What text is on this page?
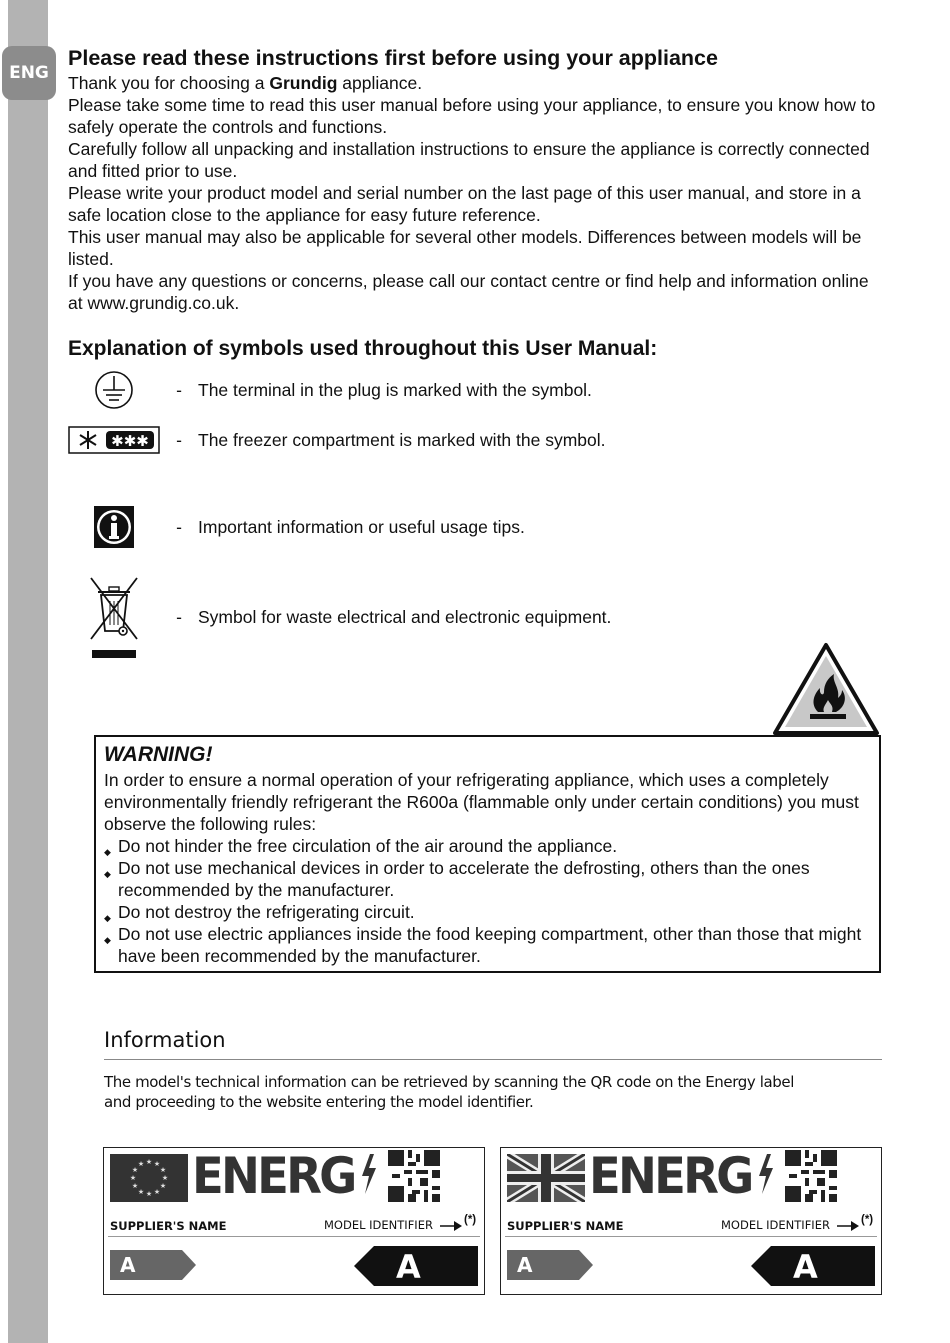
ENG
Please read these instructions first before using your appliance

Thank you for choosing a Grundig appliance.

Please take some time to read this user manual before using your appliance, to ensure you know how to safely operate the controls and functions.

Carefully follow all unpacking and installation instructions to ensure the appliance is correctly connected and fitted prior to use.

Please write your product model and serial number on the last page of this user manual, and store in a safe location close to the appliance for easy future reference.

This user manual may also be applicable for several other models. Differences between models will be listed.

If you have any questions or concerns, please call our contact centre or find help and information online at www.grundig.co.uk.

Explanation of symbols used throughout this User Manual:
- The terminal in the plug is marked with the symbol.
✱✱✱	- The freezer compartment is marked with the symbol.
- Important information or useful usage tips.
- Symbol for waste electrical and electronic equipment.
WARNING!

In order to ensure a normal operation of your refrigerating appliance, which uses a completely environmentally friendly refrigerant the R600a (flammable only under certain conditions) you must observe the following rules:

◆ Do not hinder the free circulation of the air around the appliance.
◆ Do not use mechanical devices in order to accelerate the defrosting, others than the ones recommended by the manufacturer.
◆ Do not destroy the refrigerating circuit.
◆ Do not use electric appliances inside the food keeping compartment, other than those that might have been recommended by the manufacturer.
Information
The model's technical information can be retrieved by scanning the QR code on the Energy label and proceeding to the website entering the model identifier.
★ ★
★
★
★
★
★
★
★
★
★
★ ENERG
SUPPLIER'S NAME	MODEL IDENTIFIER	(*)
A	A
ENERG
SUPPLIER'S NAME	MODEL IDENTIFIER	(*)
A	A
